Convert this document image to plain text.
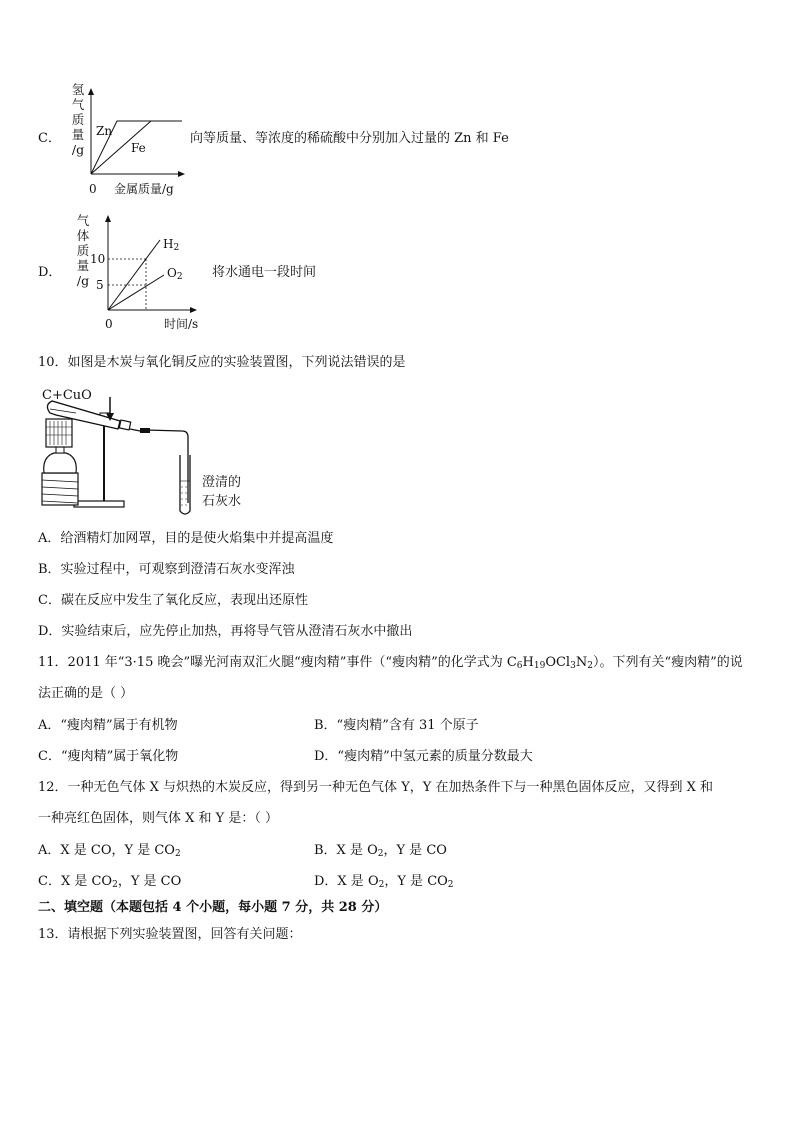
C．
氢
气
质
量
/g
Zn
Fe
0 金属质量/g
向等质量、等浓度的稀硫酸中分别加入过量的 Zn 和 Fe
D．
气
体
质
量
/g
10
5
$H_2$
$O_2$
0	时间/s
将水通电一段时间
10．如图是木炭与氧化铜反应的实验装置图，下列说法错误的是
C+CuO
澄清的
石灰水
A．给酒精灯加网罩，目的是使火焰集中并提高温度
B．实验过程中，可观察到澄清石灰水变浑浊
C．碳在反应中发生了氧化反应，表现出还原性
D．实验结束后，应先停止加热，再将导气管从澄清石灰水中撤出
11．2011 年“3·15 晚会”曝光河南双汇火腿“瘦肉精”事件（“瘦肉精”的化学式为 $C_6H_{19}OCl_3N_2$）。下列有关“瘦肉精”的说
法正确的是（ ）
A．“瘦肉精”属于有机物	B．“瘦肉精”含有 31 个原子
C．“瘦肉精”属于氧化物	D．“瘦肉精”中氢元素的质量分数最大
12．一种无色气体 X 与炽热的木炭反应，得到另一种无色气体 Y，Y 在加热条件下与一种黑色固体反应，又得到 X 和
一种亮红色固体，则气体 X 和 Y 是：（ ）
A．X 是 CO，Y 是 $CO_2$	B．X 是 $O_2$，Y 是 CO
C．X 是 $CO_2$，Y 是 CO	D．X 是 $O_2$，Y 是 $CO_2$
二、填空题（本题包括 4 个小题，每小题 7 分，共 28 分）
13．请根据下列实验装置图，回答有关问题：
